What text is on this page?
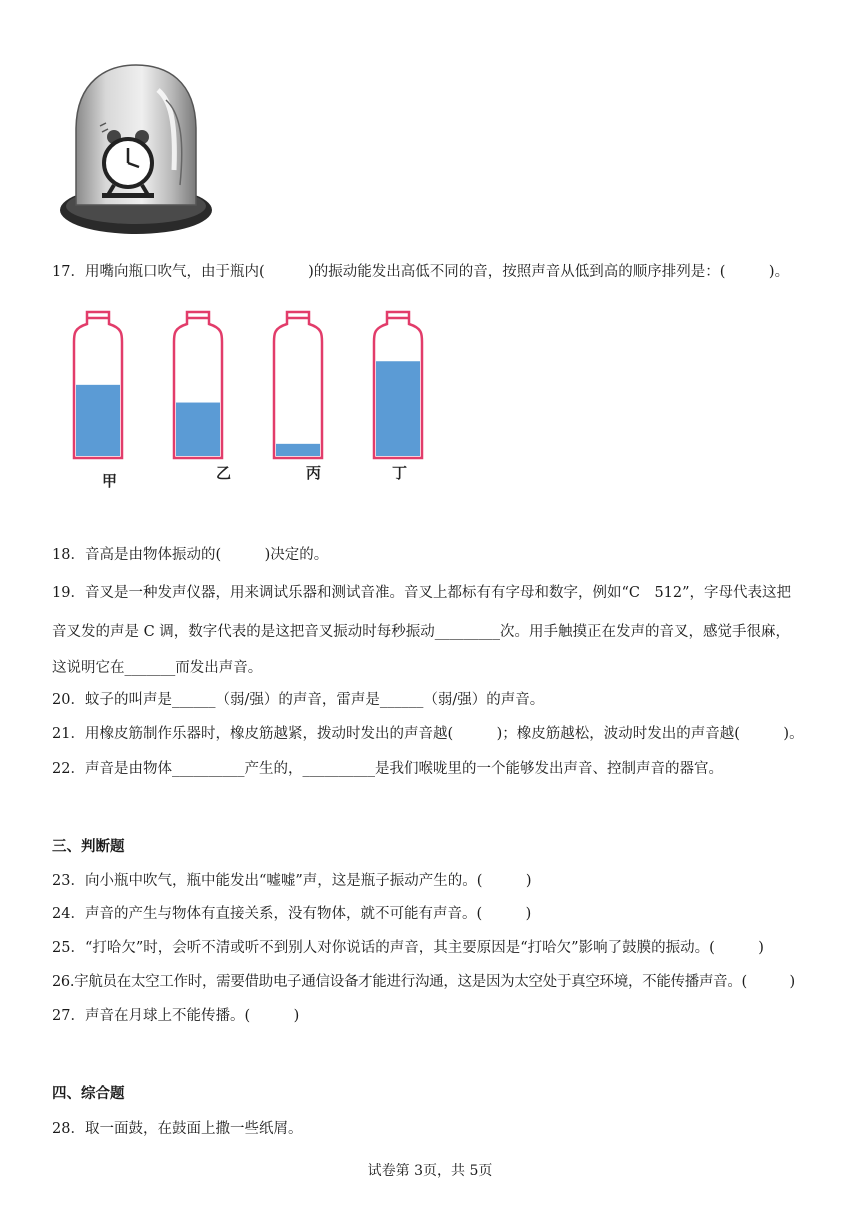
17．用嘴向瓶口吹气，由于瓶内(　　　)的振动能发出高低不同的音，按照声音从低到高的顺序排列是：(　　　)。
甲	乙	丙	丁
18．音高是由物体振动的(　　　)决定的。
19．音叉是一种发声仪器，用来调试乐器和测试音准。音叉上都标有有字母和数字，例如“C　512”，字母代表这把
音叉发的声是 C 调，数字代表的是这把音叉振动时每秒振动_________次。用手触摸正在发声的音叉，感觉手很麻，
这说明它在_______而发出声音。
20．蚊子的叫声是______（弱/强）的声音，雷声是______（弱/强）的声音。
21．用橡皮筋制作乐器时，橡皮筋越紧，拨动时发出的声音越(　　　)；橡皮筋越松，波动时发出的声音越(　　　)。
22．声音是由物体__________产生的，__________是我们喉咙里的一个能够发出声音、控制声音的器官。
三、判断题
23．向小瓶中吹气，瓶中能发出“嘘嘘”声，这是瓶子振动产生的。(　　　)
24．声音的产生与物体有直接关系，没有物体，就不可能有声音。(　　　)
25．“打哈欠”时，会听不清或听不到别人对你说话的声音，其主要原因是“打哈欠”影响了鼓膜的振动。(　　　)
26.宇航员在太空工作时，需要借助电子通信设备才能进行沟通，这是因为太空处于真空环境，不能传播声音。(　　　)
27．声音在月球上不能传播。(　　　)
四、综合题
28．取一面鼓，在鼓面上撒一些纸屑。
试卷第 3页，共 5页
